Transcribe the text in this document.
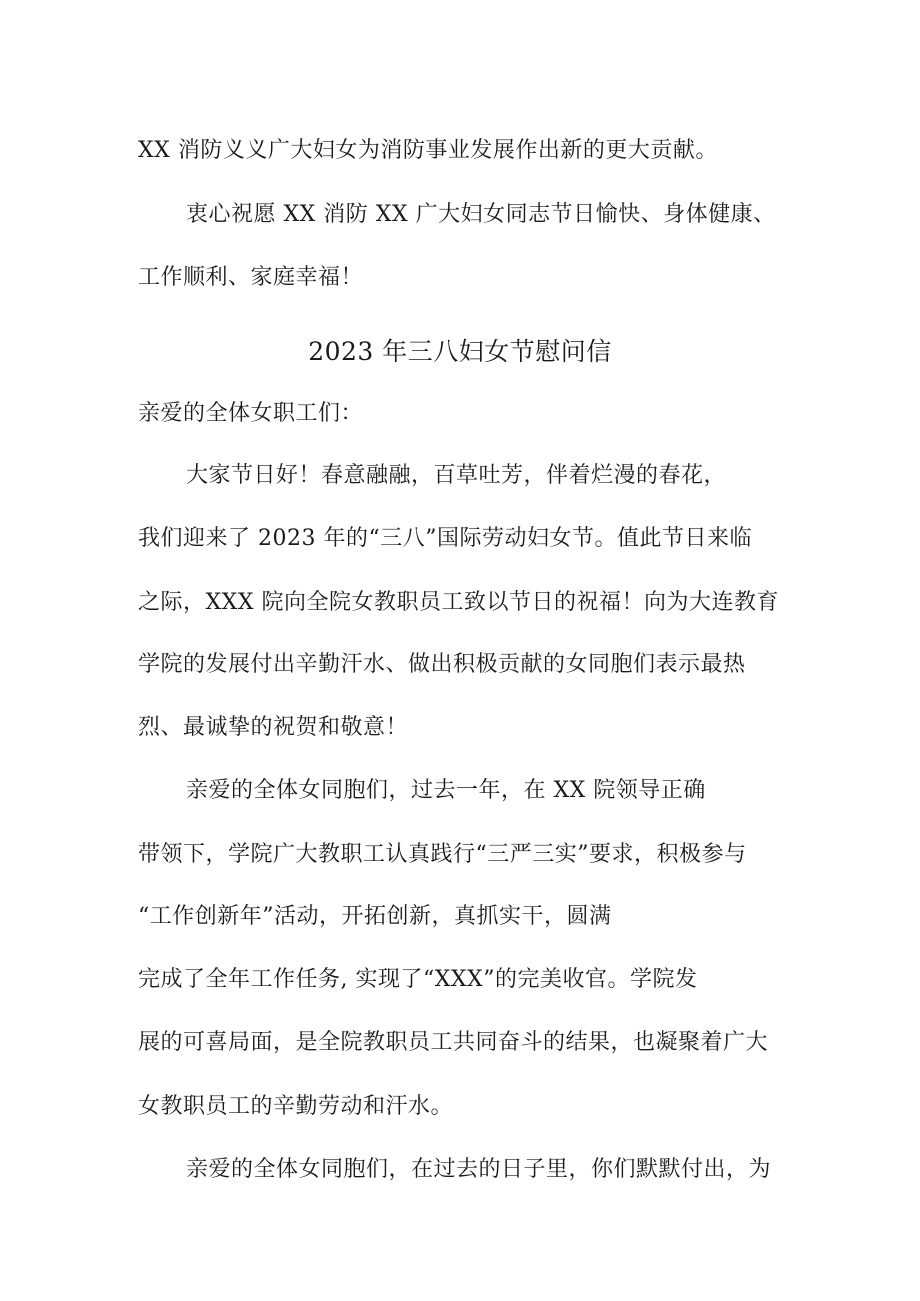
XX 消防义义广大妇女为消防事业发展作出新的更大贡献。
衷心祝愿 XX 消防 XX 广大妇女同志节日愉快、身体健康、
工作顺利、家庭幸福！
2023 年三八妇女节慰问信
亲爱的全体女职工们：
大家节日好！春意融融，百草吐芳，伴着烂漫的春花，
我们迎来了 2023 年的“三八”国际劳动妇女节。值此节日来临
之际，XXX 院向全院女教职员工致以节日的祝福！向为大连教育
学院的发展付出辛勤汗水、做出积极贡献的女同胞们表示最热
烈、最诚挚的祝贺和敬意！
亲爱的全体女同胞们，过去一年，在 XX 院领导正确
带领下，学院广大教职工认真践行“三严三实”要求，积极参与
“工作创新年”活动，开拓创新，真抓实干，圆满
完成了全年工作任务, 实现了“XXX”的完美收官。学院发
展的可喜局面，是全院教职员工共同奋斗的结果，也凝聚着广大
女教职员工的辛勤劳动和汗水。
亲爱的全体女同胞们，在过去的日子里，你们默默付出，为
